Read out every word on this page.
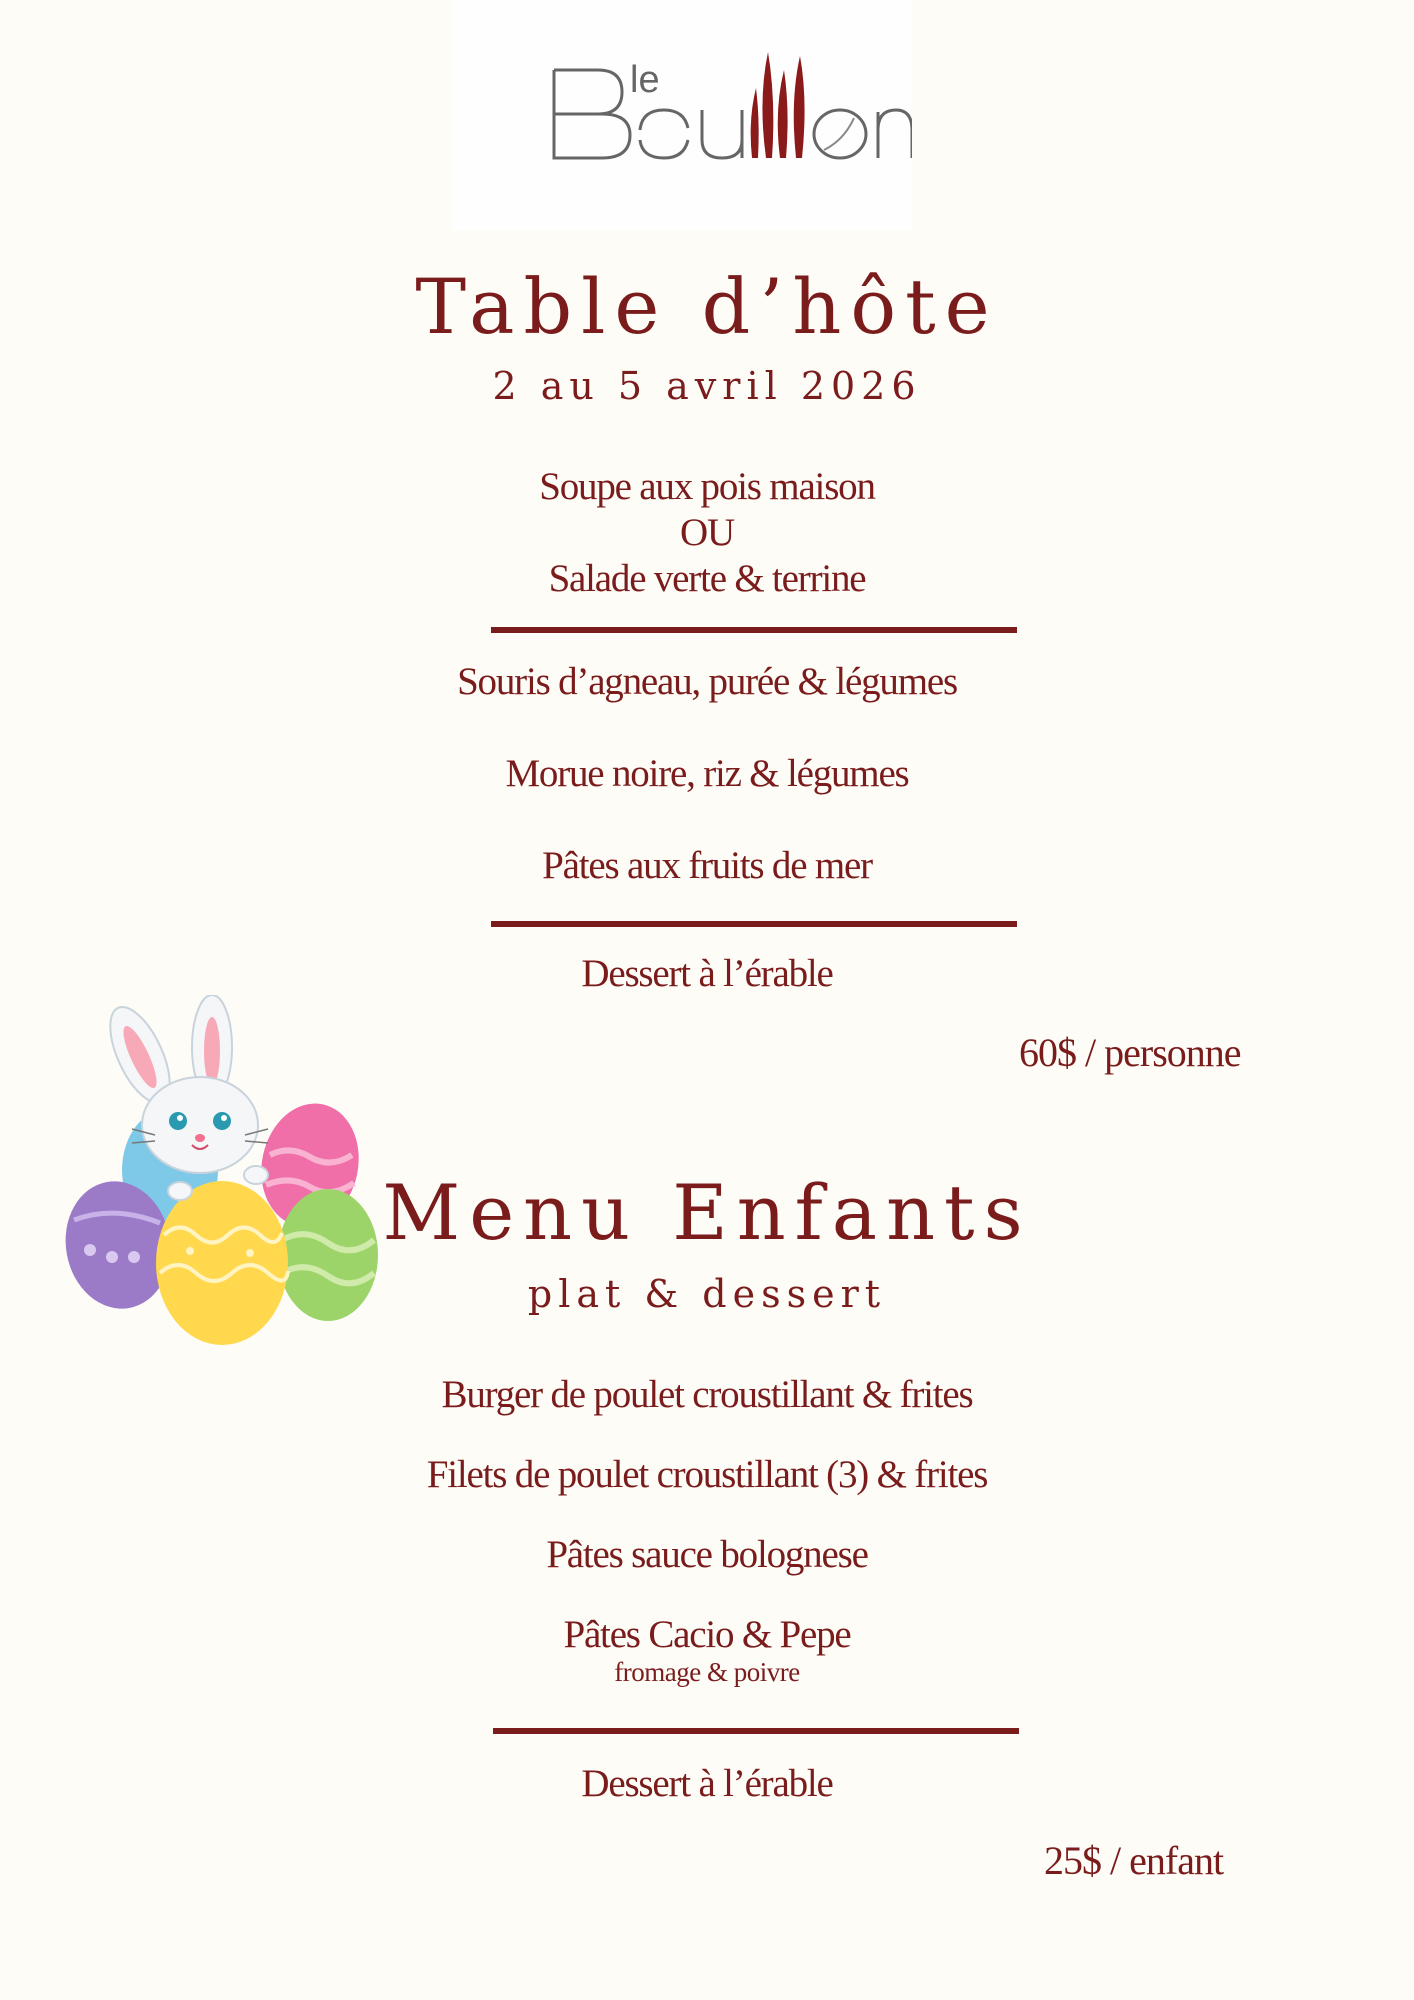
le
Table d’hôte
2 au 5 avril 2026
Soupe aux pois maison
OU
Salade verte & terrine
Souris d’agneau, purée & légumes
Morue noire, riz & légumes
Pâtes aux fruits de mer
Dessert à l’érable
60$ / personne
Menu Enfants
plat & dessert
Burger de poulet croustillant & frites
Filets de poulet croustillant (3) & frites
Pâtes sauce bolognese
Pâtes Cacio & Pepe
fromage & poivre
Dessert à l’érable
25$ / enfant
